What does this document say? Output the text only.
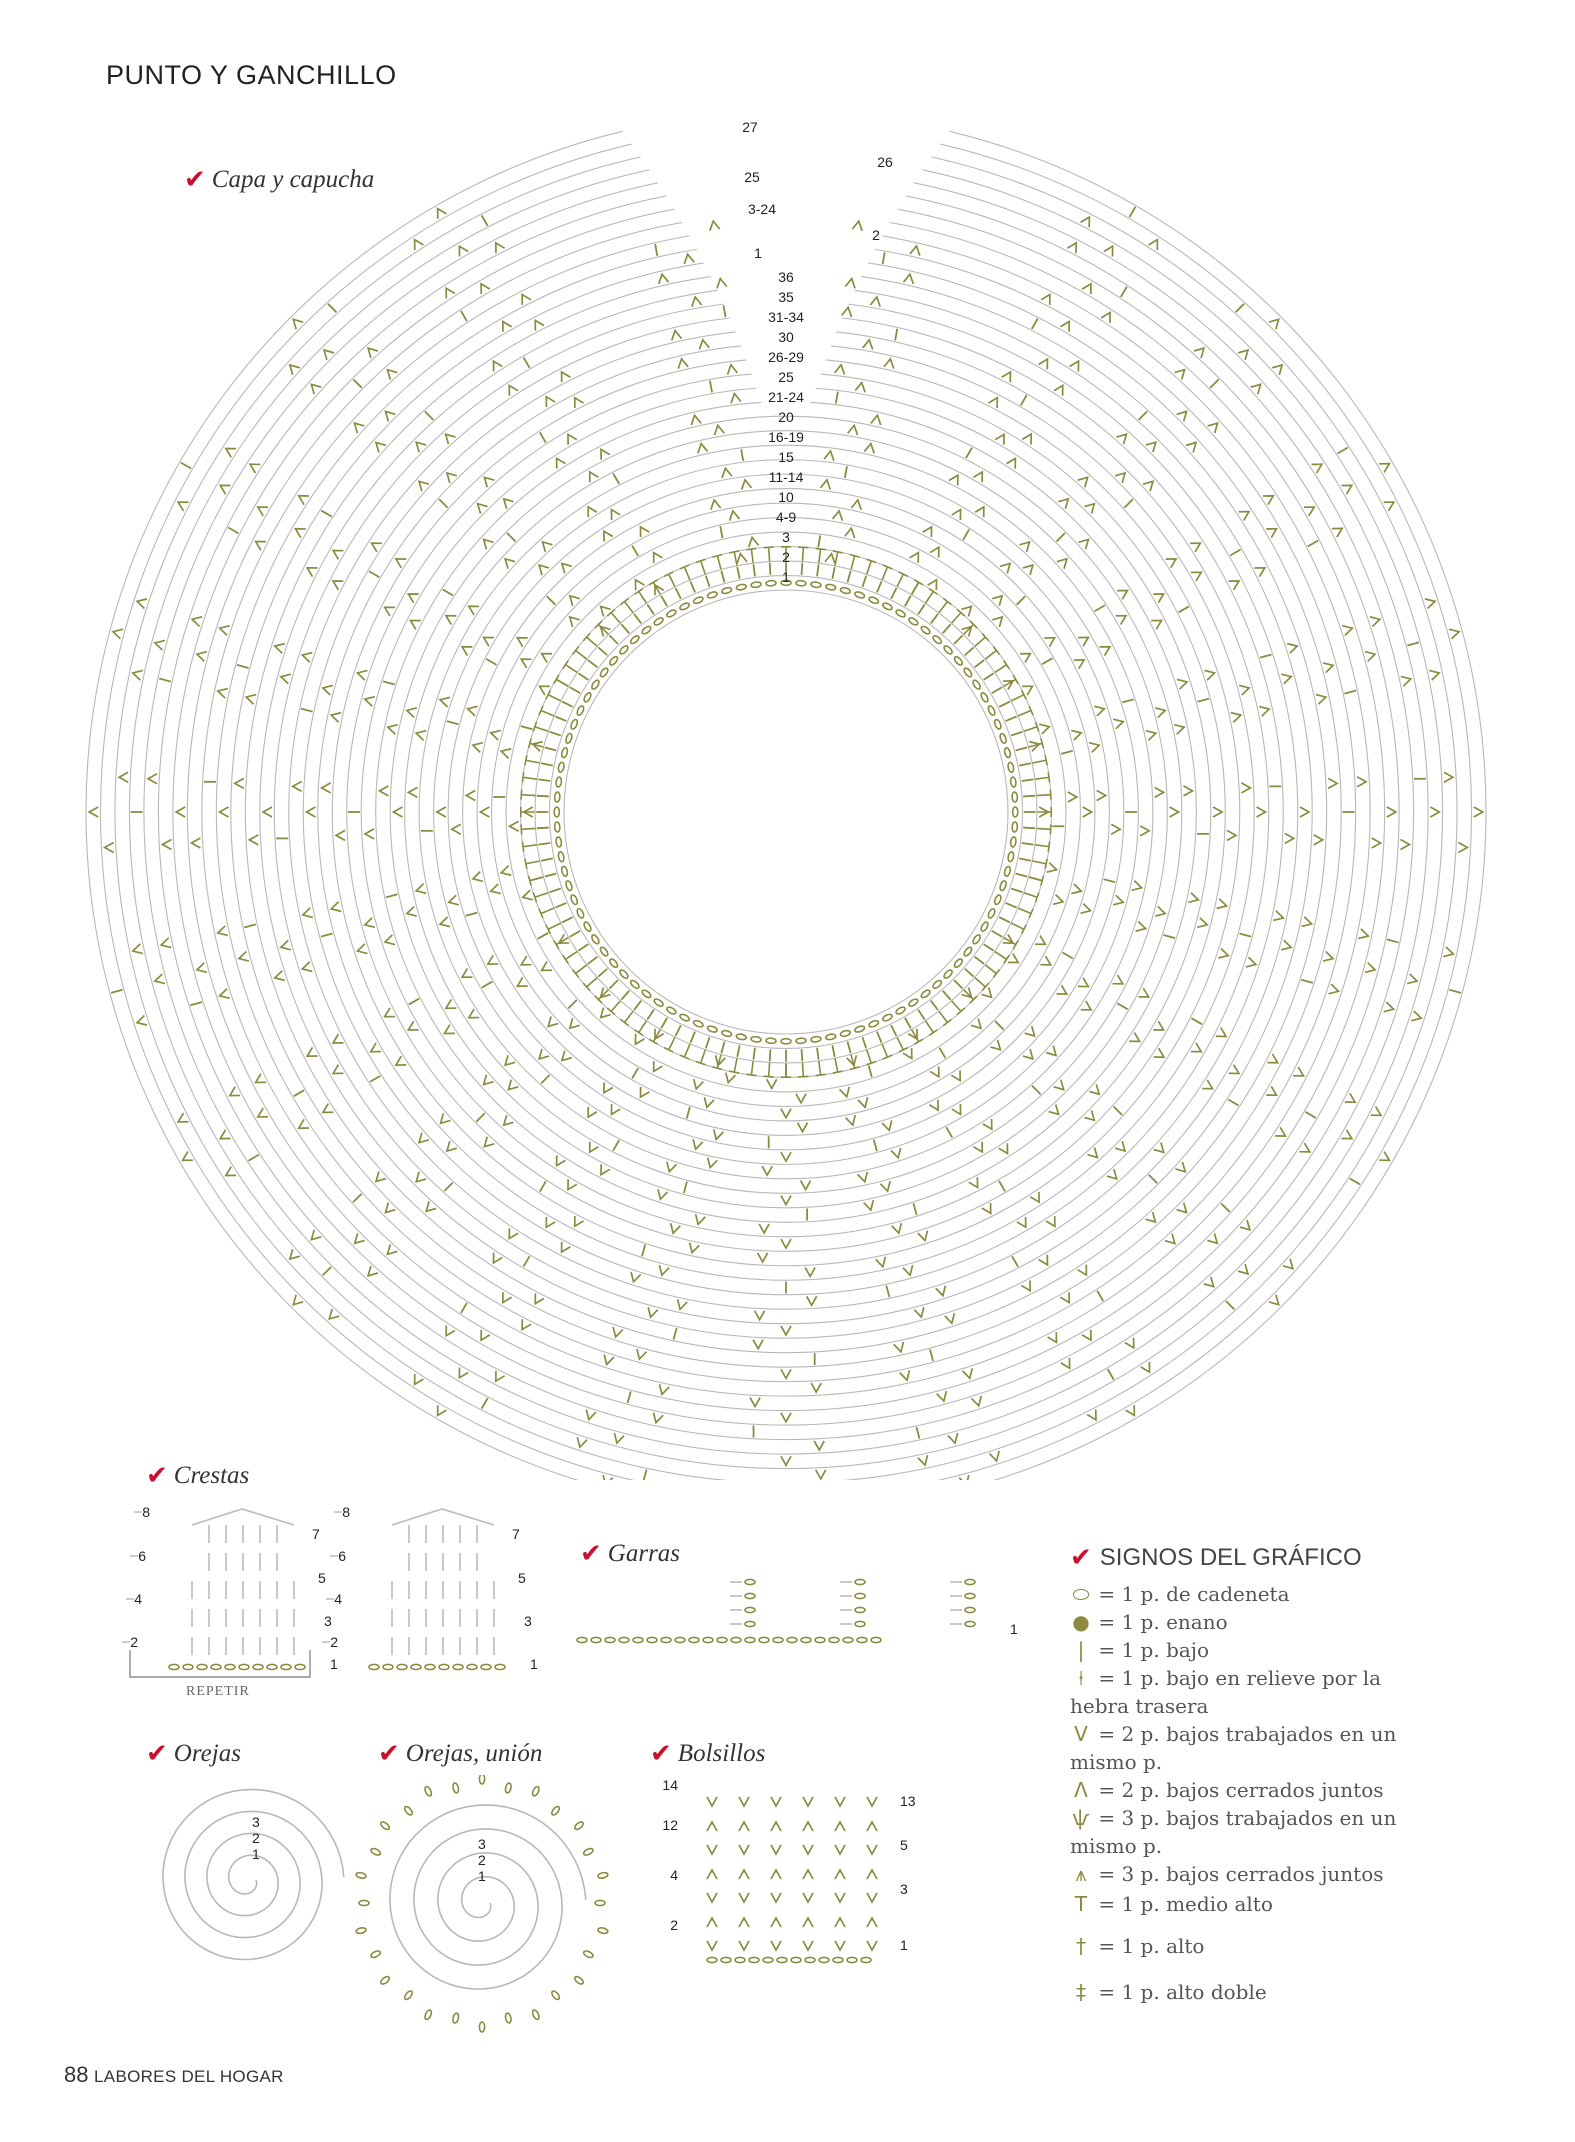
PUNTO Y GANCHILLO
27
25
3-24
1
26
2
36
35
31-34
30
26-29
25
21-24
20
16-19
15
11-14
10
4-9
3
2
1
✔ Capa y capucha
✔ Crestas
8
6
4
2
7
5
3
1
8
6
4
2
7
5
3
1
REPETIR
✔ Garras
1
✔ Orejas
3
2
1
✔ Orejas, unión
3
2
1
✔ Bolsillos
14
12
4
2
13
5
3
1
✔ SIGNOS DEL GRÁFICO
⬭ = 1 p. de cadeneta
● = 1 p. enano
| = 1 p. bajo
⍿ = 1 p. bajo en relieve por la hebra trasera
V = 2 p. bajos trabajados en un mismo p.
Λ = 2 p. bajos cerrados juntos
ѱ = 3 p. bajos trabajados en un mismo p.
⩚ = 3 p. bajos cerrados juntos
T = 1 p. medio alto
† = 1 p. alto
‡ = 1 p. alto doble
88 LABORES DEL HOGAR
